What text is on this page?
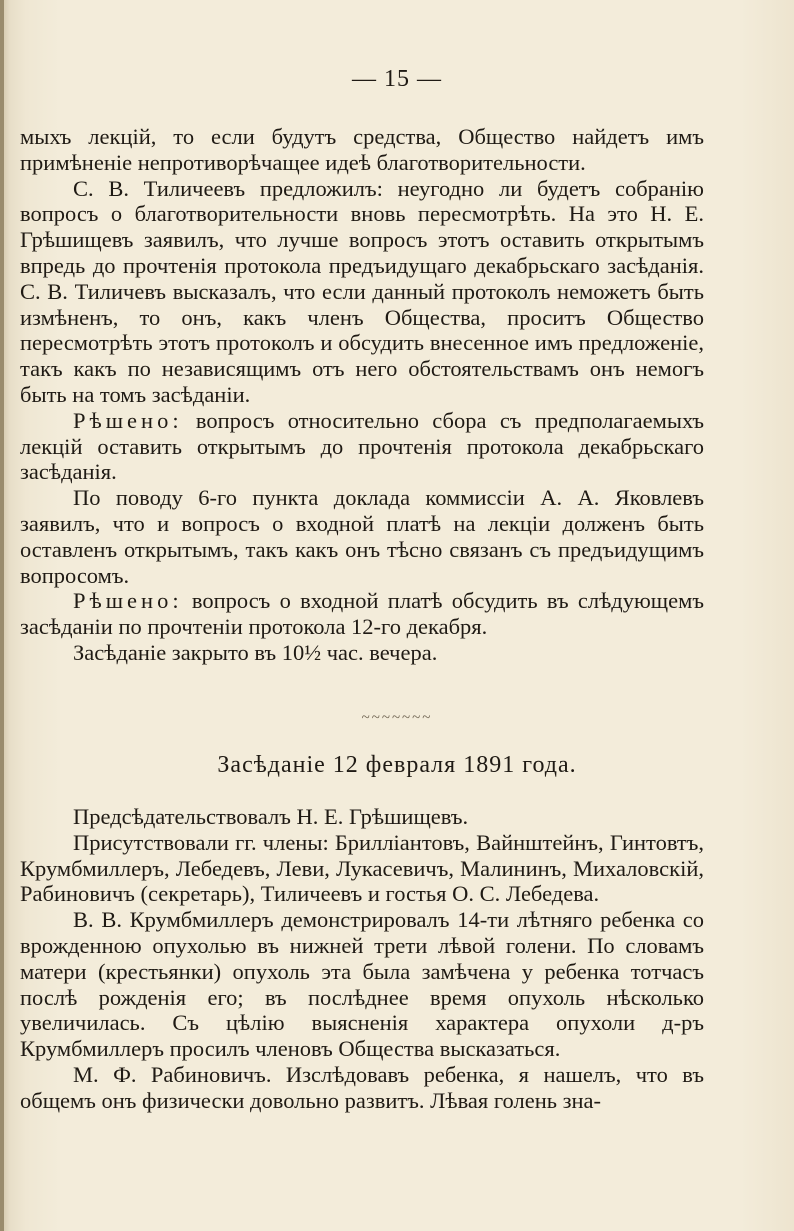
— 15 —

мыхъ лекцій, то если будутъ средства, Общество найдетъ имъ примѣненіе непротиворѣчащее идеѣ благотворительности.

С. В. Тиличеевъ предложилъ: неугодно ли будетъ собранію вопросъ о благотворительности вновь пересмотрѣть. На это Н. Е. Грѣшищевъ заявилъ, что лучше вопросъ этотъ оставить открытымъ впредь до прочтенія протокола предъидущаго декабрьскаго засѣданія. С. В. Тиличевъ высказалъ, что если данный протоколъ неможетъ быть измѣненъ, то онъ, какъ членъ Общества, проситъ Общество пересмотрѣть этотъ протоколъ и обсудить внесенное имъ предложеніе, такъ какъ по независящимъ отъ него обстоятельствамъ онъ немогъ быть на томъ засѣданіи.

Рѣшено: вопросъ относительно сбора съ предполагаемыхъ лекцій оставить открытымъ до прочтенія протокола декабрьскаго засѣданія.

По поводу 6-го пункта доклада коммиссіи А. А. Яковлевъ заявилъ, что и вопросъ о входной платѣ на лекціи долженъ быть оставленъ открытымъ, такъ какъ онъ тѣсно связанъ съ предъидущимъ вопросомъ.

Рѣшено: вопросъ о входной платѣ обсудить въ слѣдующемъ засѣданіи по прочтеніи протокола 12-го декабря.

Засѣданіе закрыто въ 10½ час. вечера.

~~~~~~~
Засѣданіе 12 февраля 1891 года.

Предсѣдательствовалъ Н. Е. Грѣшищевъ.

Присутствовали гг. члены: Брилліантовъ, Вайнштейнъ, Гинтовтъ, Крумбмиллеръ, Лебедевъ, Леви, Лукасевичъ, Малининъ, Михаловскій, Рабиновичъ (секретарь), Тиличеевъ и гостья О. С. Лебедева.

В. В. Крумбмиллеръ демонстрировалъ 14-ти лѣтняго ребенка со врожденною опухолью въ нижней трети лѣвой голени. По словамъ матери (крестьянки) опухоль эта была замѣчена у ребенка тотчасъ послѣ рожденія его; въ послѣднее время опухоль нѣсколько увеличилась. Съ цѣлію выясненія характера опухоли д-ръ Крумбмиллеръ просилъ членовъ Общества высказаться.

М. Ф. Рабиновичъ. Изслѣдовавъ ребенка, я нашелъ, что въ общемъ онъ физически довольно развитъ. Лѣвая голень зна-
